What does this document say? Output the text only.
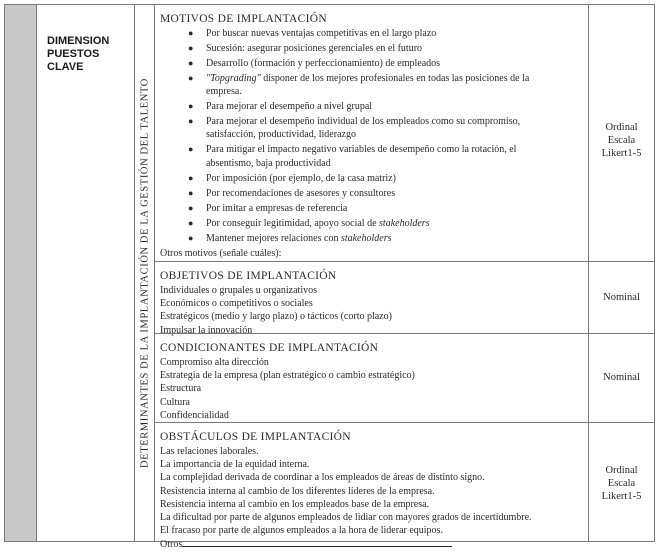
DIMENSION
PUESTOS
CLAVE
DETERMINANTES DE LA IMPLANTACIÓN DE LA GESTIÓN DEL TALENTO
MOTIVOS DE IMPLANTACIÓN
● Por buscar nuevas ventajas competitivas en el largo plazo
● Sucesión: asegurar posiciones gerenciales en el futuro
● Desarrollo (formación y perfeccionamiento) de empleados
● "Topgrading" disponer de los mejores profesionales en todas las posiciones de la
empresa.
● Para mejorar el desempeño a nivel grupal
● Para mejorar el desempeño individual de los empleados como su compromiso,
satisfacción, productividad, liderazgo
● Para mitigar el impacto negativo variables de desempeño como la rotación, el
absentismo, baja productividad
● Por imposición (por ejemplo, de la casa matriz)
● Por recomendaciones de asesores y consultores
● Por imitar a empresas de referencia
● Por conseguir legitimidad, apoyo social de stakeholders
● Mantener mejores relaciones con stakeholders
Otros motivos (señale cuáles):
OBJETIVOS DE IMPLANTACIÓN
Individuales o grupales u organizativos
Económicos o competitivos o sociales
Estratégicos (medio y largo plazo) o tácticos (corto plazo)
Impulsar la innovación
CONDICIONANTES DE IMPLANTACIÓN
Compromiso alta dirección
Estrategia de la empresa (plan estratégico o cambio estratégico)
Estructura
Cultura
Confidencialidad
OBSTÁCULOS DE IMPLANTACIÓN
Las relaciones laborales.
La importancia de la equidad interna.
La complejidad derivada de coordinar a los empleados de áreas de distinto signo.
Resistencia interna al cambio de los diferentes líderes de la empresa.
Resistencia interna al cambio en los empleados base de la empresa.
La dificultad por parte de algunos empleados de lidiar con mayores grados de incertidumbre.
El fracaso por parte de algunos empleados a la hora de liderar equipos.
Otros
Ordinal
Escala
Likert1-5
Nominal
Nominal
Ordinal
Escala
Likert1-5
